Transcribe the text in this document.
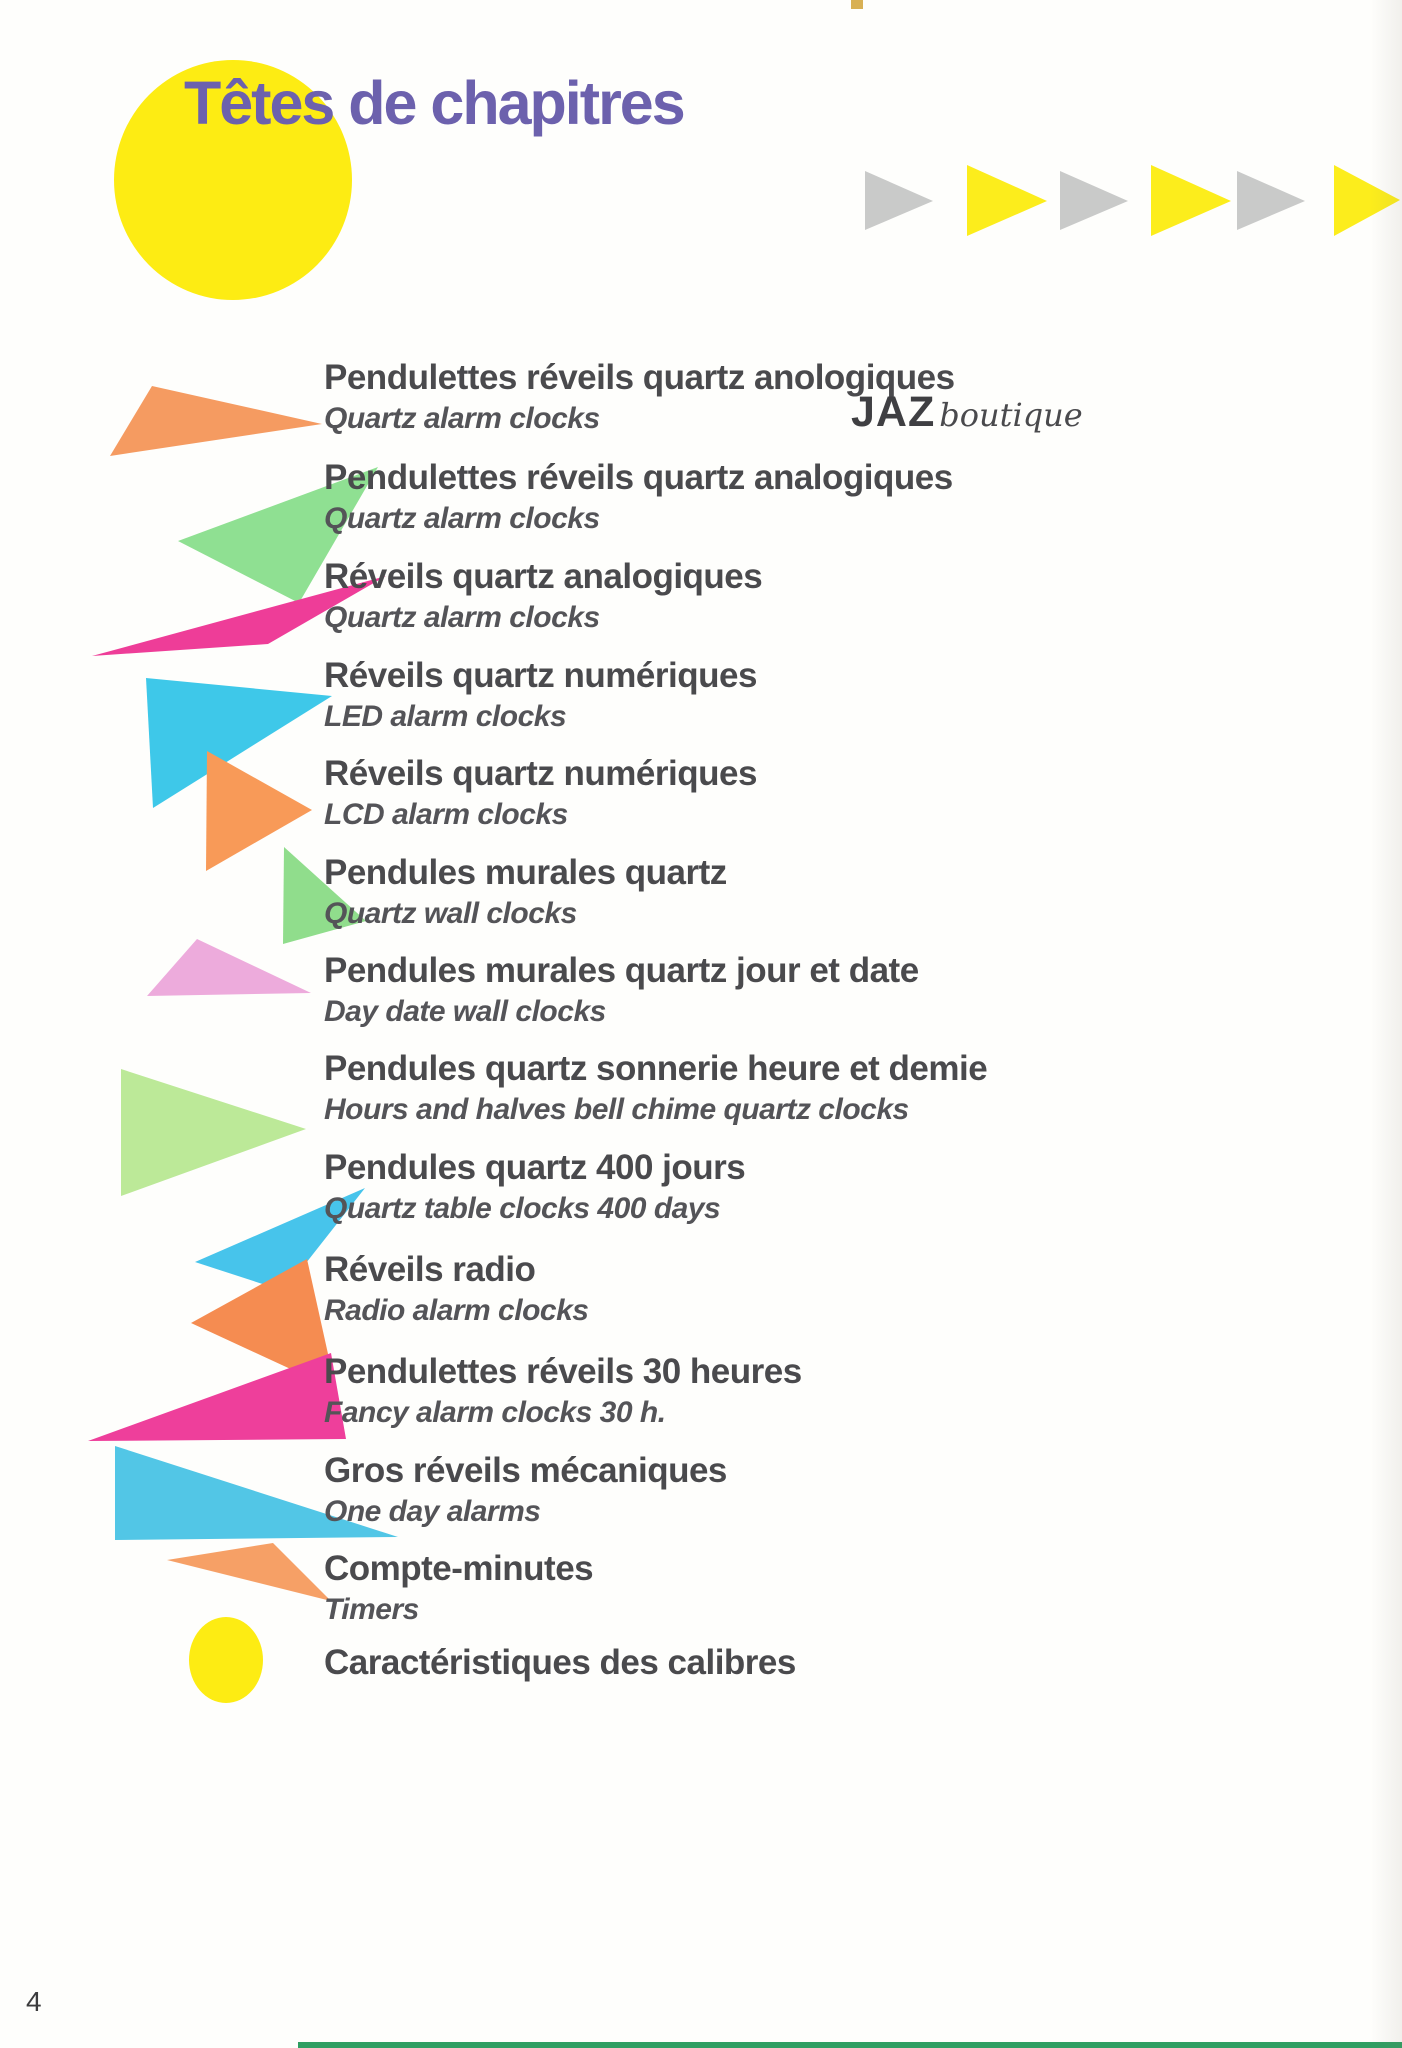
Têtes de chapitres
JAZ boutique
Pendulettes réveils quartz anologiques
Quartz alarm clocks
Pendulettes réveils quartz analogiques
Quartz alarm clocks
Réveils quartz analogiques
Quartz alarm clocks
Réveils quartz numériques
LED alarm clocks
Réveils quartz numériques
LCD alarm clocks
Pendules murales quartz
Quartz wall clocks
Pendules murales quartz jour et date
Day date wall clocks
Pendules quartz sonnerie heure et demie
Hours and halves bell chime quartz clocks
Pendules quartz 400 jours
Quartz table clocks 400 days
Réveils radio
Radio alarm clocks
Pendulettes réveils 30 heures
Fancy alarm clocks 30 h.
Gros réveils mécaniques
One day alarms
Compte-minutes
Timers
Caractéristiques des calibres
4
